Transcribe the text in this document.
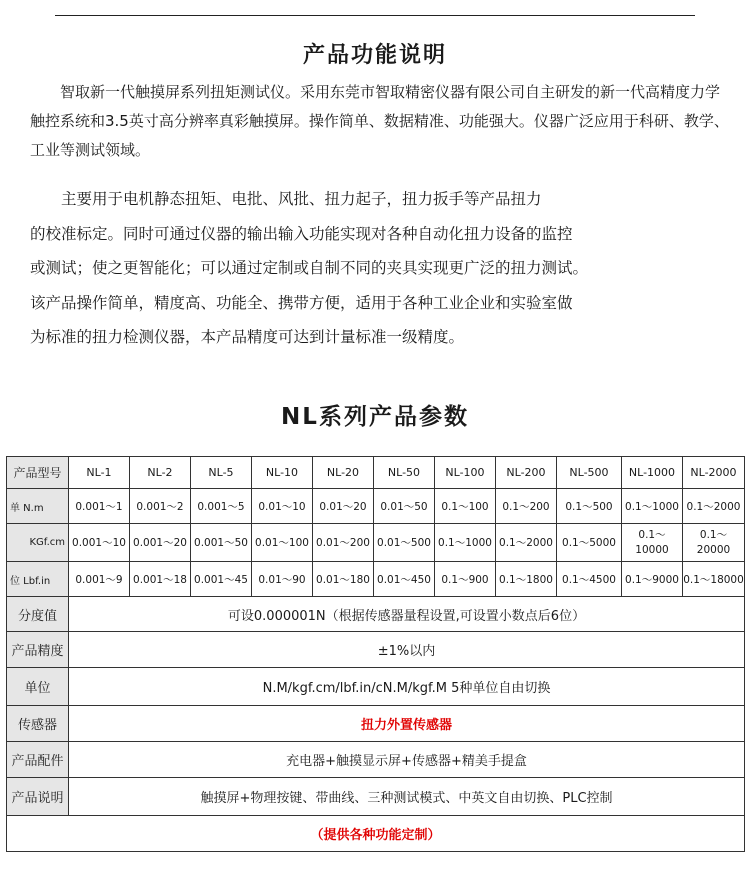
产品功能说明

智取新一代触摸屏系列扭矩测试仪。采用东莞市智取精密仪器有限公司自主研发的新一代高精度力学触控系统和3.5英寸高分辨率真彩触摸屏。操作简单、数据精准、功能强大。仪器广泛应用于科研、教学、工业等测试领域。

主要用于电机静态扭矩、电批、风批、扭力起子，扭力扳手等产品扭力

的校准标定。同时可通过仪器的输出输入功能实现对各种自动化扭力设备的监控

或测试；使之更智能化；可以通过定制或自制不同的夹具实现更广泛的扭力测试。

该产品操作简单，精度高、功能全、携带方便，适用于各种工业企业和实验室做

为标准的扭力检测仪器，本产品精度可达到计量标准一级精度。

NL系列产品参数
产品型号	NL-1	NL-2	NL-5	NL-10	NL-20	NL-50	NL-100	NL-200	NL-500	NL-1000	NL-2000
单 N.m	0.001～1	0.001～2	0.001～5	0.01～10	0.01～20	0.01～50	0.1～100	0.1～200	0.1～500	0.1～1000	0.1～2000
KGf.cm	0.001～10	0.001～20	0.001～50	0.01～100	0.01～200	0.01～500	0.1～1000	0.1～2000	0.1～5000	0.1～ 10000	0.1～ 20000
位 Lbf.in	0.001～9	0.001～18	0.001～45	0.01～90	0.01～180	0.01～450	0.1～900	0.1～1800	0.1～4500	0.1～9000	0.1～18000
分度值	可设0.000001N（根据传感器量程设置,可设置小数点后6位）										
产品精度	±1%以内										
单位	N.M/kgf.cm/lbf.in/cN.M/kgf.M 5种单位自由切换										
传感器	扭力外置传感器										
产品配件	充电器+触摸显示屏+传感器+精美手提盒										
产品说明	触摸屏+物理按键、带曲线、三种测试模式、中英文自由切换、PLC控制										
（提供各种功能定制）											
